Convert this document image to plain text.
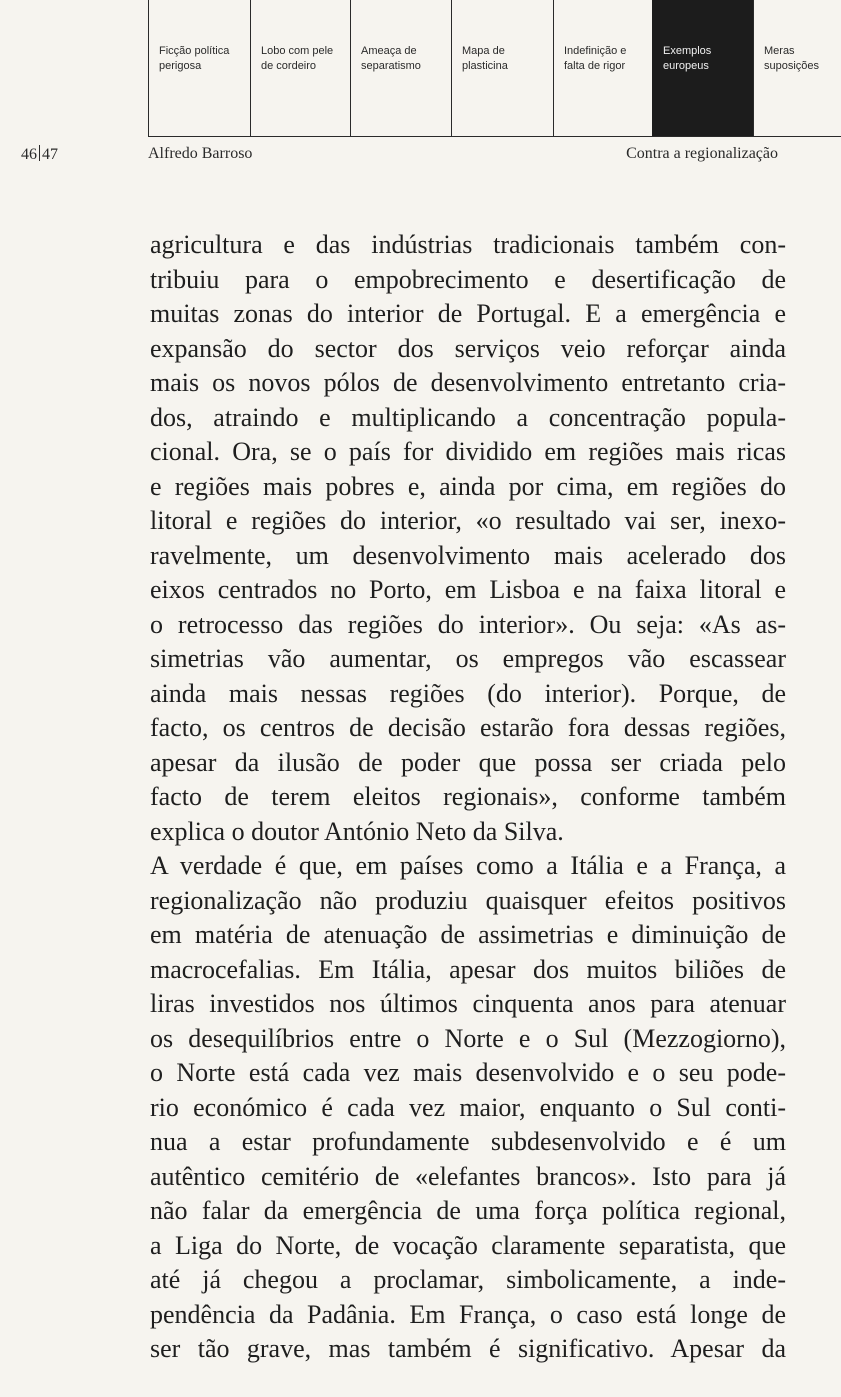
Ficção política
perigosa
Lobo com pele
de cordeiro
Ameaça de
separatismo
Mapa de
plasticina
Indefinição e
falta de rigor
Exemplos
europeus
Meras
suposições
46 47	Alfredo Barroso	Contra a regionalização
agricultura e das indústrias tradicionais também con-
tribuiu para o empobrecimento e desertificação de
muitas zonas do interior de Portugal. E a emergência e
expansão do sector dos serviços veio reforçar ainda
mais os novos pólos de desenvolvimento entretanto cria-
dos, atraindo e multiplicando a concentração popula-
cional. Ora, se o país for dividido em regiões mais ricas
e regiões mais pobres e, ainda por cima, em regiões do
litoral e regiões do interior, «o resultado vai ser, inexo-
ravelmente, um desenvolvimento mais acelerado dos
eixos centrados no Porto, em Lisboa e na faixa litoral e
o retrocesso das regiões do interior». Ou seja: «As as-
simetrias vão aumentar, os empregos vão escassear
ainda mais nessas regiões (do interior). Porque, de
facto, os centros de decisão estarão fora dessas regiões,
apesar da ilusão de poder que possa ser criada pelo
facto de terem eleitos regionais», conforme também
explica o doutor António Neto da Silva.
A verdade é que, em países como a Itália e a França, a
regionalização não produziu quaisquer efeitos positivos
em matéria de atenuação de assimetrias e diminuição de
macrocefalias. Em Itália, apesar dos muitos biliões de
liras investidos nos últimos cinquenta anos para atenuar
os desequilíbrios entre o Norte e o Sul (Mezzogiorno),
o Norte está cada vez mais desenvolvido e o seu pode-
rio económico é cada vez maior, enquanto o Sul conti-
nua a estar profundamente subdesenvolvido e é um
autêntico cemitério de «elefantes brancos». Isto para já
não falar da emergência de uma força política regional,
a Liga do Norte, de vocação claramente separatista, que
até já chegou a proclamar, simbolicamente, a inde-
pendência da Padânia. Em França, o caso está longe de
ser tão grave, mas também é significativo. Apesar da
